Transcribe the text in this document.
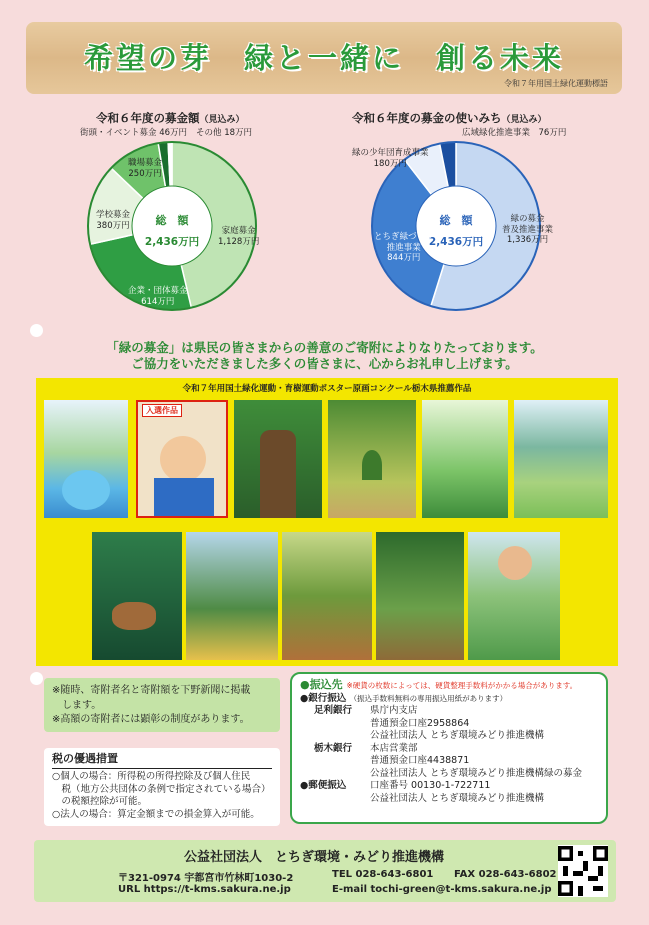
希望の芽　緑と一緒に　創る未来
令和７年用国土緑化運動標語
令和６年度の募金額（見込み）
総　額
2,436万円
街頭・イベント募金 46万円 その他 18万円
職場募金
250万円
学校募金
380万円
企業・団体募金
614万円
家庭募金
1,128万円
令和６年度の募金の使いみち（見込み）
総　額
2,436万円
広域緑化推進事業　76万円
緑の少年団育成事業
180万円
とちぎ緑づくり
推進事業
844万円
緑の募金
普及推進事業
1,336万円
「緑の募金」は県民の皆さまからの善意のご寄附によりなりたっております。
ご協力をいただきました多くの皆さまに、心からお礼申し上げます。
令和７年用国土緑化運動・育樹運動ポスター原画コンクール栃木県推薦作品
入選作品
※随時、寄附者名と寄附額を下野新聞に掲載
　します。
※高額の寄附者には顕彰の制度があります。
税の優遇措置
○個人の場合：所得税の所得控除及び個人住民
　税（地方公共団体の条例で指定されている場合）
　の税額控除が可能。
○法人の場合：算定金額までの損金算入が可能。
●振込先 ※硬貨の枚数によっては、硬貨整理手数料がかかる場合があります。
●銀行振込 （振込手数料無料の専用振込用紙があります）
足利銀行 県庁内支店
普通預金口座2958864
公益社団法人 とちぎ環境みどり推進機構
栃木銀行 本店営業部
普通預金口座4438871
公益社団法人 とちぎ環境みどり推進機構緑の募金
●郵便振込 口座番号 00130-1-722711
公益社団法人 とちぎ環境みどり推進機構
公益社団法人　とちぎ環境・みどり推進機構
〒321-0974 宇都宮市竹林町1030-2	TEL 028-643-6801 FAX 028-643-6802
URL https://t-kms.sakura.ne.jp	E-mail tochi-green@t-kms.sakura.ne.jp
